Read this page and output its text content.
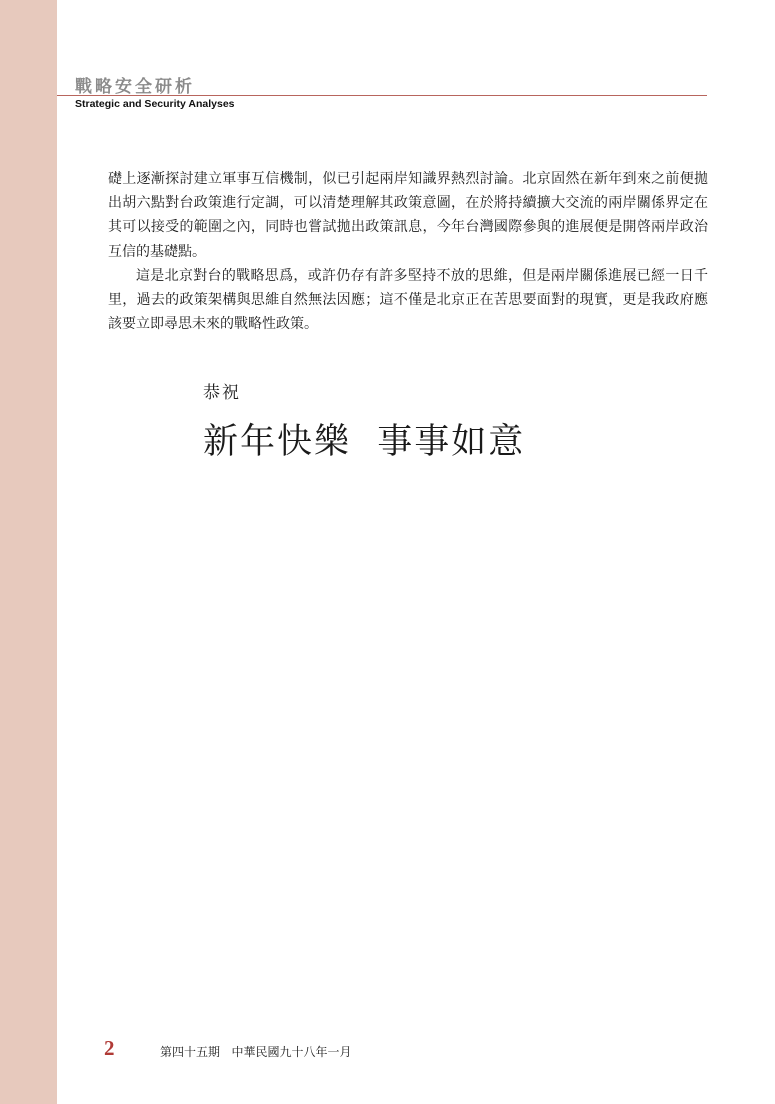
戰略安全研析
Strategic and Security Analyses

礎上逐漸探討建立軍事互信機制，似已引起兩岸知識界熱烈討論。北京固然在新年到來之前便拋出胡六點對台政策進行定調，可以清楚理解其政策意圖，在於將持續擴大交流的兩岸關係界定在其可以接受的範圍之內，同時也嘗試拋出政策訊息，今年台灣國際參與的進展便是開啓兩岸政治互信的基礎點。

這是北京對台的戰略思爲，或許仍存有許多堅持不放的思維，但是兩岸關係進展已經一日千里，過去的政策架構與思維自然無法因應；這不僅是北京正在苦思要面對的現實，更是我政府應該要立即尋思未來的戰略性政策。

恭祝
新年快樂  事事如意
2	第四十五期   中華民國九十八年一月
